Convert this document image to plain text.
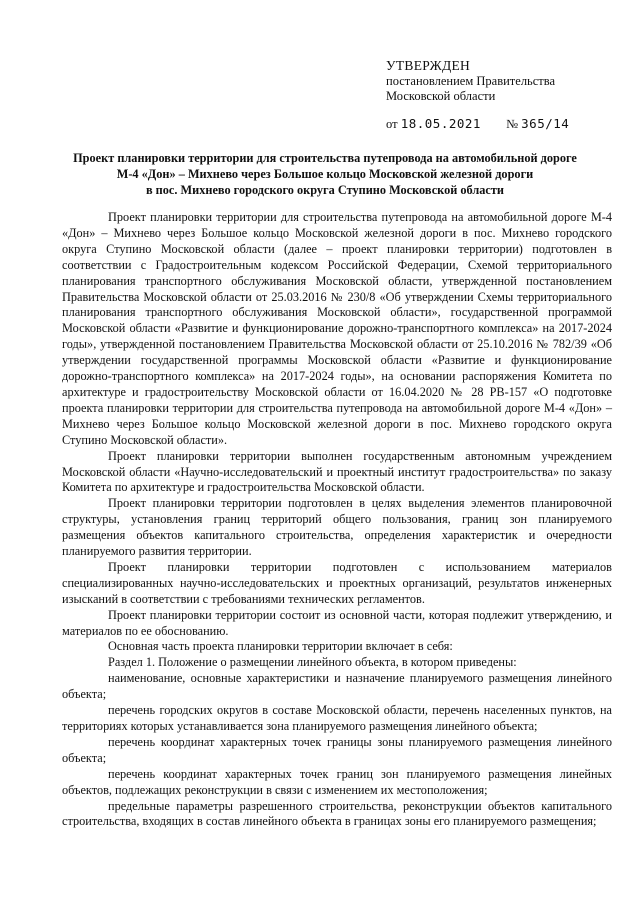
УТВЕРЖДЕН
постановлением Правительства
Московской области
от 18.05.2021 № 365/14
Проект планировки территории для строительства путепровода на автомобильной дороге
М-4 «Дон» – Михнево через Большое кольцо Московской железной дороги
в пос. Михнево городского округа Ступино Московской области

Проект планировки территории для строительства путепровода на автомобильной дороге М-4 «Дон» – Михнево через Большое кольцо Московской железной дороги в пос. Михнево городского округа Ступино Московской области (далее – проект планировки территории) подготовлен в соответствии с Градостроительным кодексом Российской Федерации, Схемой территориального планирования транспортного обслуживания Московской области, утвержденной постановлением Правительства Московской области от 25.03.2016 № 230/8 «Об утверждении Схемы территориального планирования транспортного обслуживания Московской области», государственной программой Московской области «Развитие и функционирование дорожно-транспортного комплекса» на 2017-2024 годы», утвержденной постановлением Правительства Московской области от 25.10.2016 № 782/39 «Об утверждении государственной программы Московской области «Развитие и функционирование дорожно-транспортного комплекса» на 2017-2024 годы», на основании распоряжения Комитета по архитектуре и градостроительству Московской области от 16.04.2020 № 28 РВ-157 «О подготовке проекта планировки территории для строительства путепровода на автомобильной дороге М-4 «Дон» – Михнево через Большое кольцо Московской железной дороги в пос. Михнево городского округа Ступино Московской области».

Проект планировки территории выполнен государственным автономным учреждением Московской области «Научно-исследовательский и проектный институт градостроительства» по заказу Комитета по архитектуре и градостроительства Московской области.

Проект планировки территории подготовлен в целях выделения элементов планировочной структуры, установления границ территорий общего пользования, границ зон планируемого размещения объектов капитального строительства, определения характеристик и очередности планируемого развития территории.

Проект планировки территории подготовлен с использованием материалов специализированных научно-исследовательских и проектных организаций, результатов инженерных изысканий в соответствии с требованиями технических регламентов.

Проект планировки территории состоит из основной части, которая подлежит утверждению, и материалов по ее обоснованию.

Основная часть проекта планировки территории включает в себя:

Раздел 1. Положение о размещении линейного объекта, в котором приведены:

наименование, основные характеристики и назначение планируемого размещения линейного объекта;

перечень городских округов в составе Московской области, перечень населенных пунктов, на территориях которых устанавливается зона планируемого размещения линейного объекта;

перечень координат характерных точек границы зоны планируемого размещения линейного объекта;

перечень координат характерных точек границ зон планируемого размещения линейных объектов, подлежащих реконструкции в связи с изменением их местоположения;

предельные параметры разрешенного строительства, реконструкции объектов капитального строительства, входящих в состав линейного объекта в границах зоны его планируемого размещения;
